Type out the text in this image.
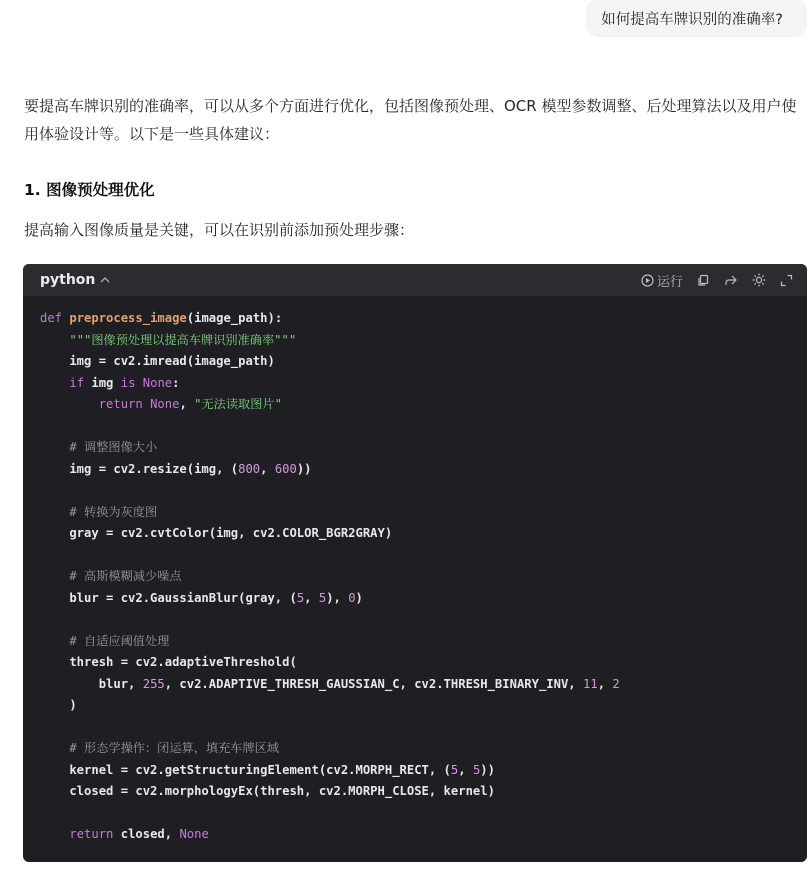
如何提高车牌识别的准确率?
要提高车牌识别的准确率，可以从多个方面进行优化，包括图像预处理、OCR 模型参数调整、后处理算法以及用户使用体验设计等。以下是一些具体建议：
1. 图像预处理优化
提高输入图像质量是关键，可以在识别前添加预处理步骤：
python	运行
def preprocess_image(image_path):
"""图像预处理以提高车牌识别准确率"""
img = cv2.imread(image_path)
if img is None:
return None, "无法读取图片"

# 调整图像大小
img = cv2.resize(img, (800, 600))

# 转换为灰度图
gray = cv2.cvtColor(img, cv2.COLOR_BGR2GRAY)

# 高斯模糊减少噪点
blur = cv2.GaussianBlur(gray, (5, 5), 0)

# 自适应阈值处理
thresh = cv2.adaptiveThreshold(
blur, 255, cv2.ADAPTIVE_THRESH_GAUSSIAN_C, cv2.THRESH_BINARY_INV, 11, 2
)

# 形态学操作：闭运算，填充车牌区域
kernel = cv2.getStructuringElement(cv2.MORPH_RECT, (5, 5))
closed = cv2.morphologyEx(thresh, cv2.MORPH_CLOSE, kernel)

return closed, None
